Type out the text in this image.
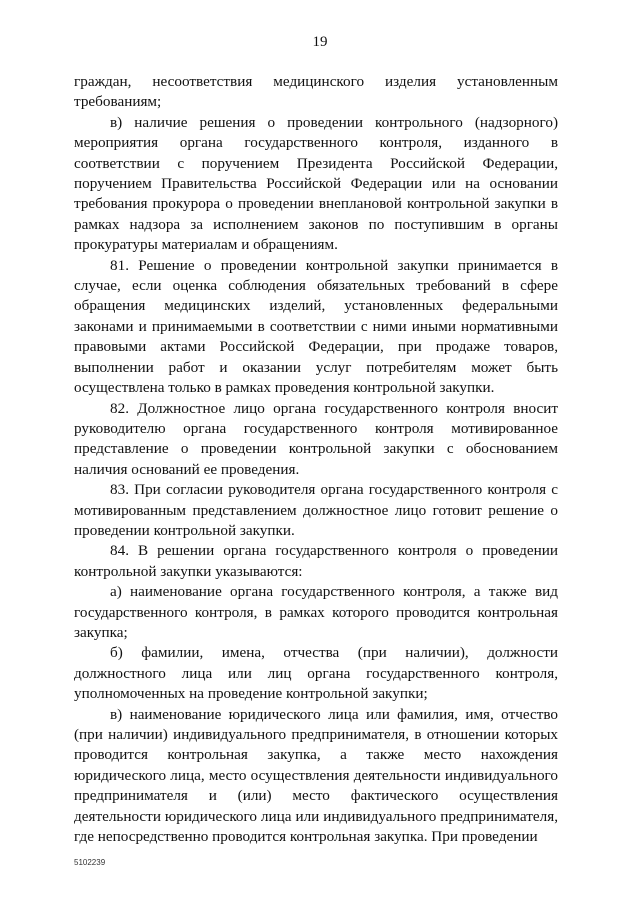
19

граждан, несоответствия медицинского изделия установленным требованиям;

в) наличие решения о проведении контрольного (надзорного) мероприятия органа государственного контроля, изданного в соответствии с поручением Президента Российской Федерации, поручением Правительства Российской Федерации или на основании требования прокурора о проведении внеплановой контрольной закупки в рамках надзора за исполнением законов по поступившим в органы прокуратуры материалам и обращениям.

81. Решение о проведении контрольной закупки принимается в случае, если оценка соблюдения обязательных требований в сфере обращения медицинских изделий, установленных федеральными законами и принимаемыми в соответствии с ними иными нормативными правовыми актами Российской Федерации, при продаже товаров, выполнении работ и оказании услуг потребителям может быть осуществлена только в рамках проведения контрольной закупки.

82. Должностное лицо органа государственного контроля вносит руководителю органа государственного контроля мотивированное представление о проведении контрольной закупки с обоснованием наличия оснований ее проведения.

83. При согласии руководителя органа государственного контроля с мотивированным представлением должностное лицо готовит решение о проведении контрольной закупки.

84. В решении органа государственного контроля о проведении контрольной закупки указываются:

а) наименование органа государственного контроля, а также вид государственного контроля, в рамках которого проводится контрольная закупка;

б) фамилии, имена, отчества (при наличии), должности должностного лица или лиц органа государственного контроля, уполномоченных на проведение контрольной закупки;

в) наименование юридического лица или фамилия, имя, отчество (при наличии) индивидуального предпринимателя, в отношении которых проводится контрольная закупка, а также место нахождения юридического лица, место осуществления деятельности индивидуального предпринимателя и (или) место фактического осуществления деятельности юридического лица или индивидуального предпринимателя, где непосредственно проводится контрольная закупка. При проведении

5102239
